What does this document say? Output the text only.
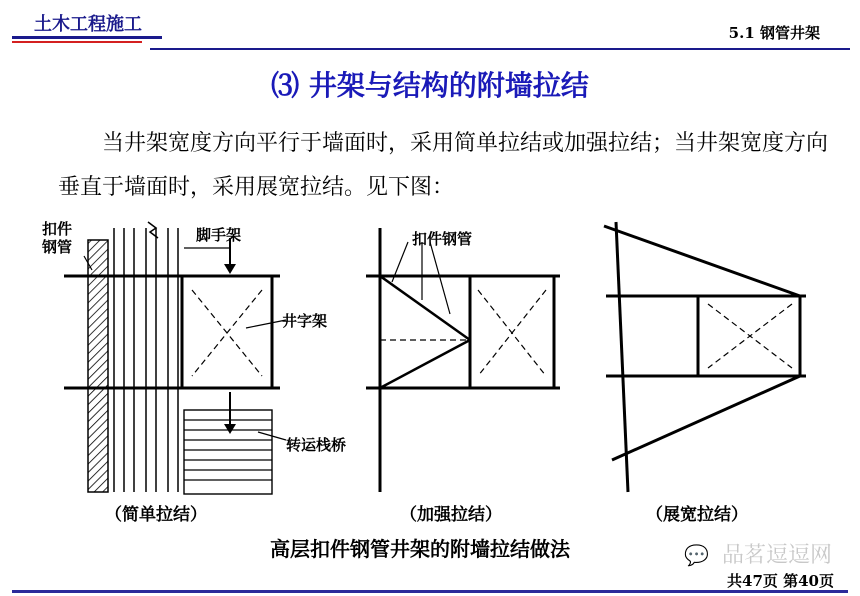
土木工程施工	5.1 钢管井架
⑶ 井架与结构的附墙拉结
当井架宽度方向平行于墙面时，采用简单拉结或加强拉结；当井架宽度方向垂直于墙面时，采用展宽拉结。见下图：
扣件
钢管
脚手架
井字架
转运栈桥
扣件钢管
（简单拉结）	（加强拉结）	（展宽拉结）
高层扣件钢管井架的附墙拉结做法	💬 品茗逗逗网
共47页 第40页
